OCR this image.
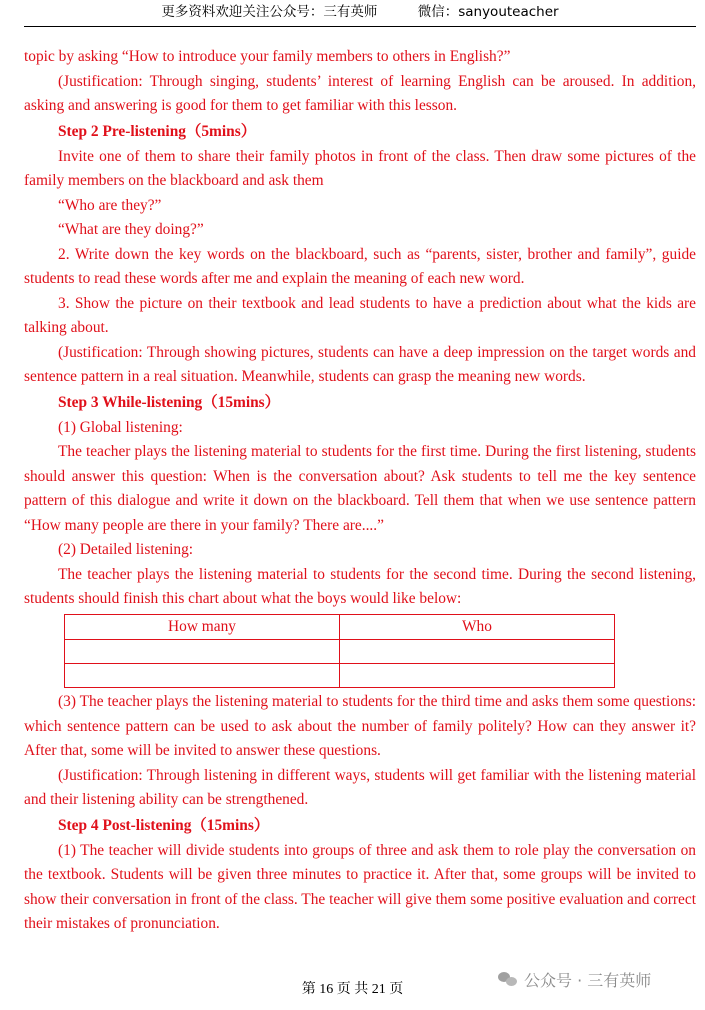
更多资料欢迎关注公众号：三有英师	微信：sanyouteacher

topic by asking “How to introduce your family members to others in English?”

(Justification: Through singing, students’ interest of learning English can be aroused. In addition, asking and answering is good for them to get familiar with this lesson.

Step 2 Pre-listening（5mins）

Invite one of them to share their family photos in front of the class. Then draw some pictures of the family members on the blackboard and ask them

“Who are they?”

“What are they doing?”

2. Write down the key words on the blackboard, such as “parents, sister, brother and family”, guide students to read these words after me and explain the meaning of each new word.

3. Show the picture on their textbook and lead students to have a prediction about what the kids are talking about.

(Justification: Through showing pictures, students can have a deep impression on the target words and sentence pattern in a real situation. Meanwhile, students can grasp the meaning new words.

Step 3 While-listening（15mins）

(1) Global listening:

The teacher plays the listening material to students for the first time. During the first listening, students should answer this question: When is the conversation about? Ask students to tell me the key sentence pattern of this dialogue and write it down on the blackboard. Tell them that when we use sentence pattern “How many people are there in your family? There are....”

(2) Detailed listening:

The teacher plays the listening material to students for the second time. During the second listening, students should finish this chart about what the boys would like below:

How many	Who

(3) The teacher plays the listening material to students for the third time and asks them some questions: which sentence pattern can be used to ask about the number of family politely? How can they answer it? After that, some will be invited to answer these questions.

(Justification: Through listening in different ways, students will get familiar with the listening material and their listening ability can be strengthened.

Step 4 Post-listening（15mins）

(1) The teacher will divide students into groups of three and ask them to role play the conversation on the textbook. Students will be given three minutes to practice it. After that, some groups will be invited to show their conversation in front of the class. The teacher will give them some positive evaluation and correct their mistakes of pronunciation.

第 16 页 共 21 页	公众号 · 三有英师
